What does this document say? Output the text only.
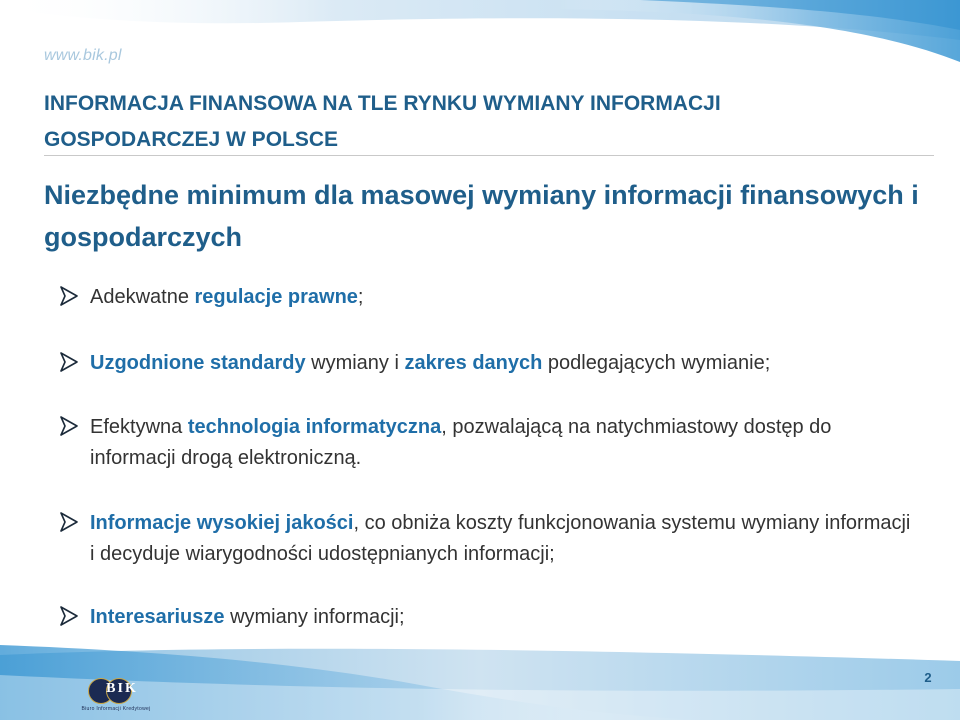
www.bik.pl
INFORMACJA FINANSOWA NA TLE RYNKU WYMIANY INFORMACJI
GOSPODARCZEJ W POLSCE
Niezbędne minimum dla masowej wymiany informacji finansowych i gospodarczych
Adekwatne regulacje prawne;
Uzgodnione standardy wymiany i zakres danych podlegających wymianie;
Efektywna technologia informatyczna, pozwalającą na natychmiastowy dostęp do informacji drogą elektroniczną.
Informacje wysokiej jakości, co obniża koszty funkcjonowania systemu wymiany informacji i decyduje wiarygodności udostępnianych informacji;
Interesariusze wymiany informacji;
BIK
Biuro Informacji Kredytowej
2
